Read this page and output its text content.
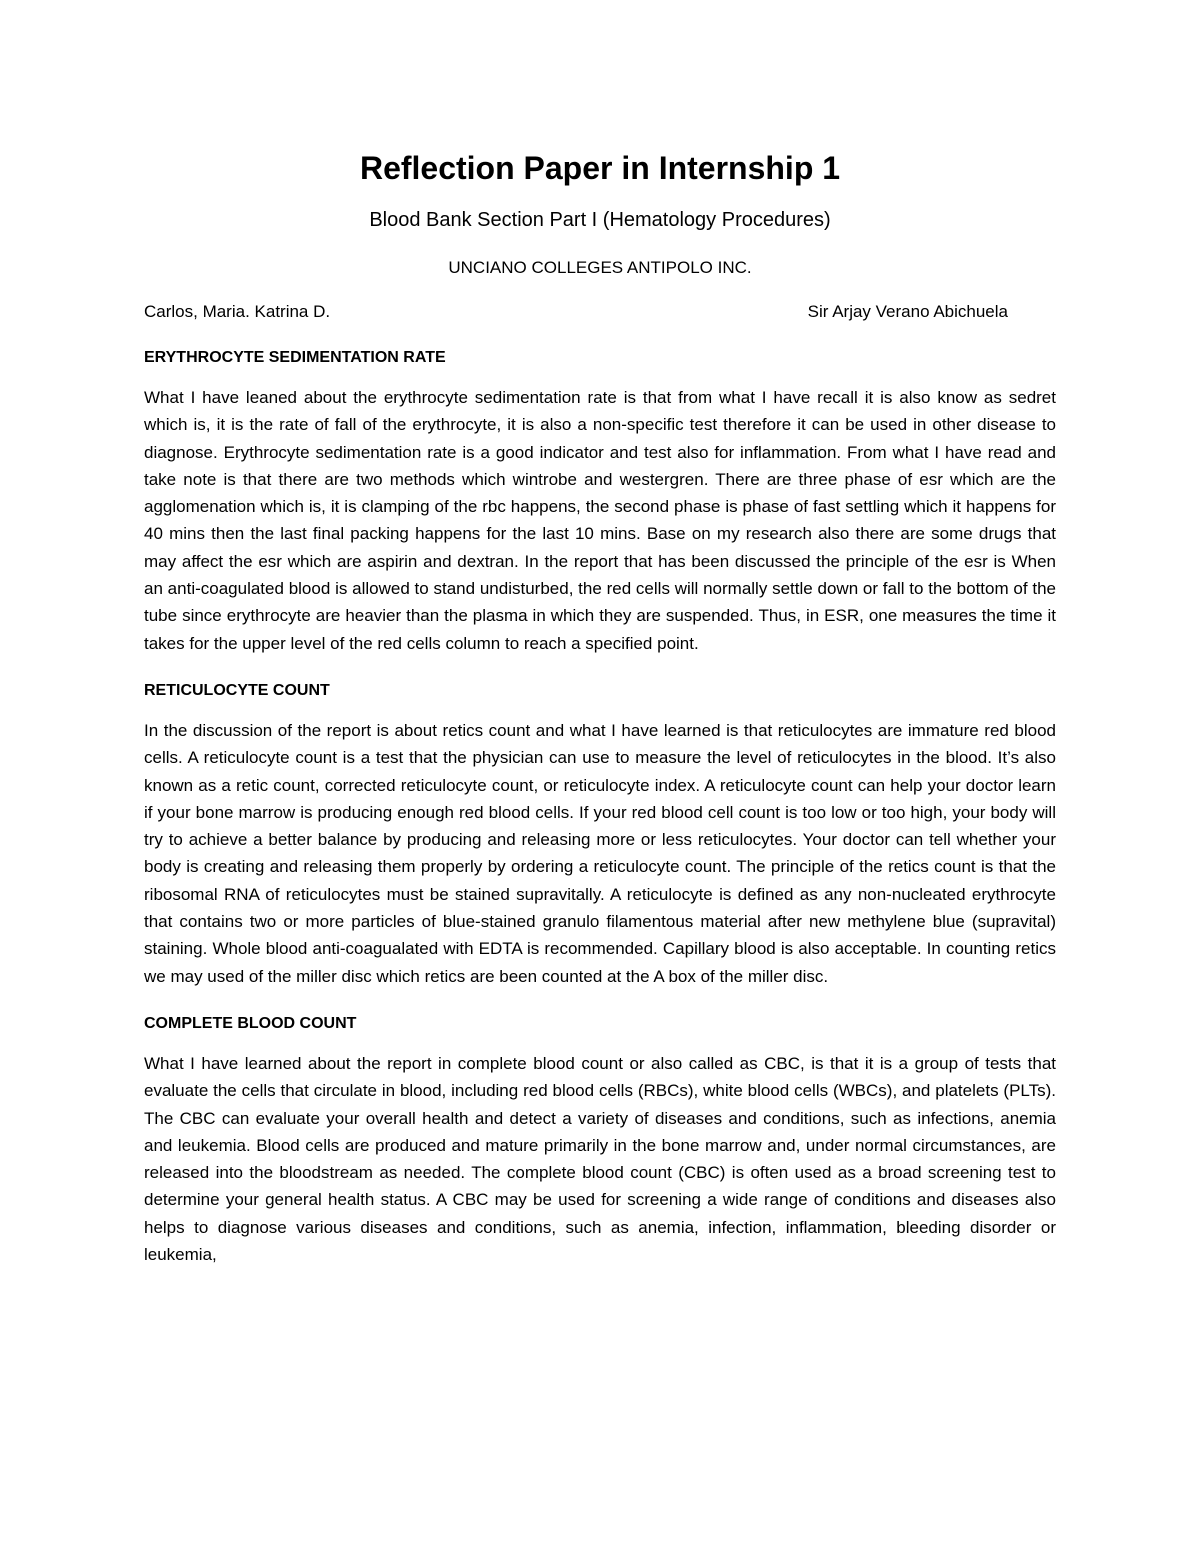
Reflection Paper in Internship 1
Blood Bank Section Part I (Hematology Procedures)
UNCIANO COLLEGES ANTIPOLO INC.
Carlos, Maria. Katrina D.	Sir Arjay Verano Abichuela
ERYTHROCYTE SEDIMENTATION RATE

What I have leaned about the erythrocyte sedimentation rate is that from what I have recall it is also know as sedret which is, it is the rate of fall of the erythrocyte, it is also a non-specific test therefore it can be used in other disease to diagnose. Erythrocyte sedimentation rate is a good indicator and test also for inflammation. From what I have read and take note is that there are two methods which wintrobe and westergren. There are three phase of esr which are the agglomenation which is, it is clamping of the rbc happens, the second phase is phase of fast settling which it happens for 40 mins then the last final packing happens for the last 10 mins. Base on my research also there are some drugs that may affect the esr which are aspirin and dextran. In the report that has been discussed the principle of the esr is When an anti-coagulated blood is allowed to stand undisturbed, the red cells will normally settle down or fall to the bottom of the tube since erythrocyte are heavier than the plasma in which they are suspended. Thus, in ESR, one measures the time it takes for the upper level of the red cells column to reach a specified point.

RETICULOCYTE COUNT

In the discussion of the report is about retics count and what I have learned is that reticulocytes are immature red blood cells. A reticulocyte count is a test that the physician can use to measure the level of reticulocytes in the blood. It’s also known as a retic count, corrected reticulocyte count, or reticulocyte index. A reticulocyte count can help your doctor learn if your bone marrow is producing enough red blood cells. If your red blood cell count is too low or too high, your body will try to achieve a better balance by producing and releasing more or less reticulocytes. Your doctor can tell whether your body is creating and releasing them properly by ordering a reticulocyte count. The principle of the retics count is that the ribosomal RNA of reticulocytes must be stained supravitally. A reticulocyte is defined as any non-nucleated erythrocyte that contains two or more particles of blue-stained granulo filamentous material after new methylene blue (supravital) staining. Whole blood anti-coagualated with EDTA is recommended. Capillary blood is also acceptable. In counting retics we may used of the miller disc which retics are been counted at the A box of the miller disc.

COMPLETE BLOOD COUNT

What I have learned about the report in complete blood count or also called as CBC, is that it is a group of tests that evaluate the cells that circulate in blood, including red blood cells (RBCs), white blood cells (WBCs), and platelets (PLTs). The CBC can evaluate your overall health and detect a variety of diseases and conditions, such as infections, anemia and leukemia. Blood cells are produced and mature primarily in the bone marrow and, under normal circumstances, are released into the bloodstream as needed. The complete blood count (CBC) is often used as a broad screening test to determine your general health status. A CBC may be used for screening a wide range of conditions and diseases also helps to diagnose various diseases and conditions, such as anemia, infection, inflammation, bleeding disorder or leukemia,
